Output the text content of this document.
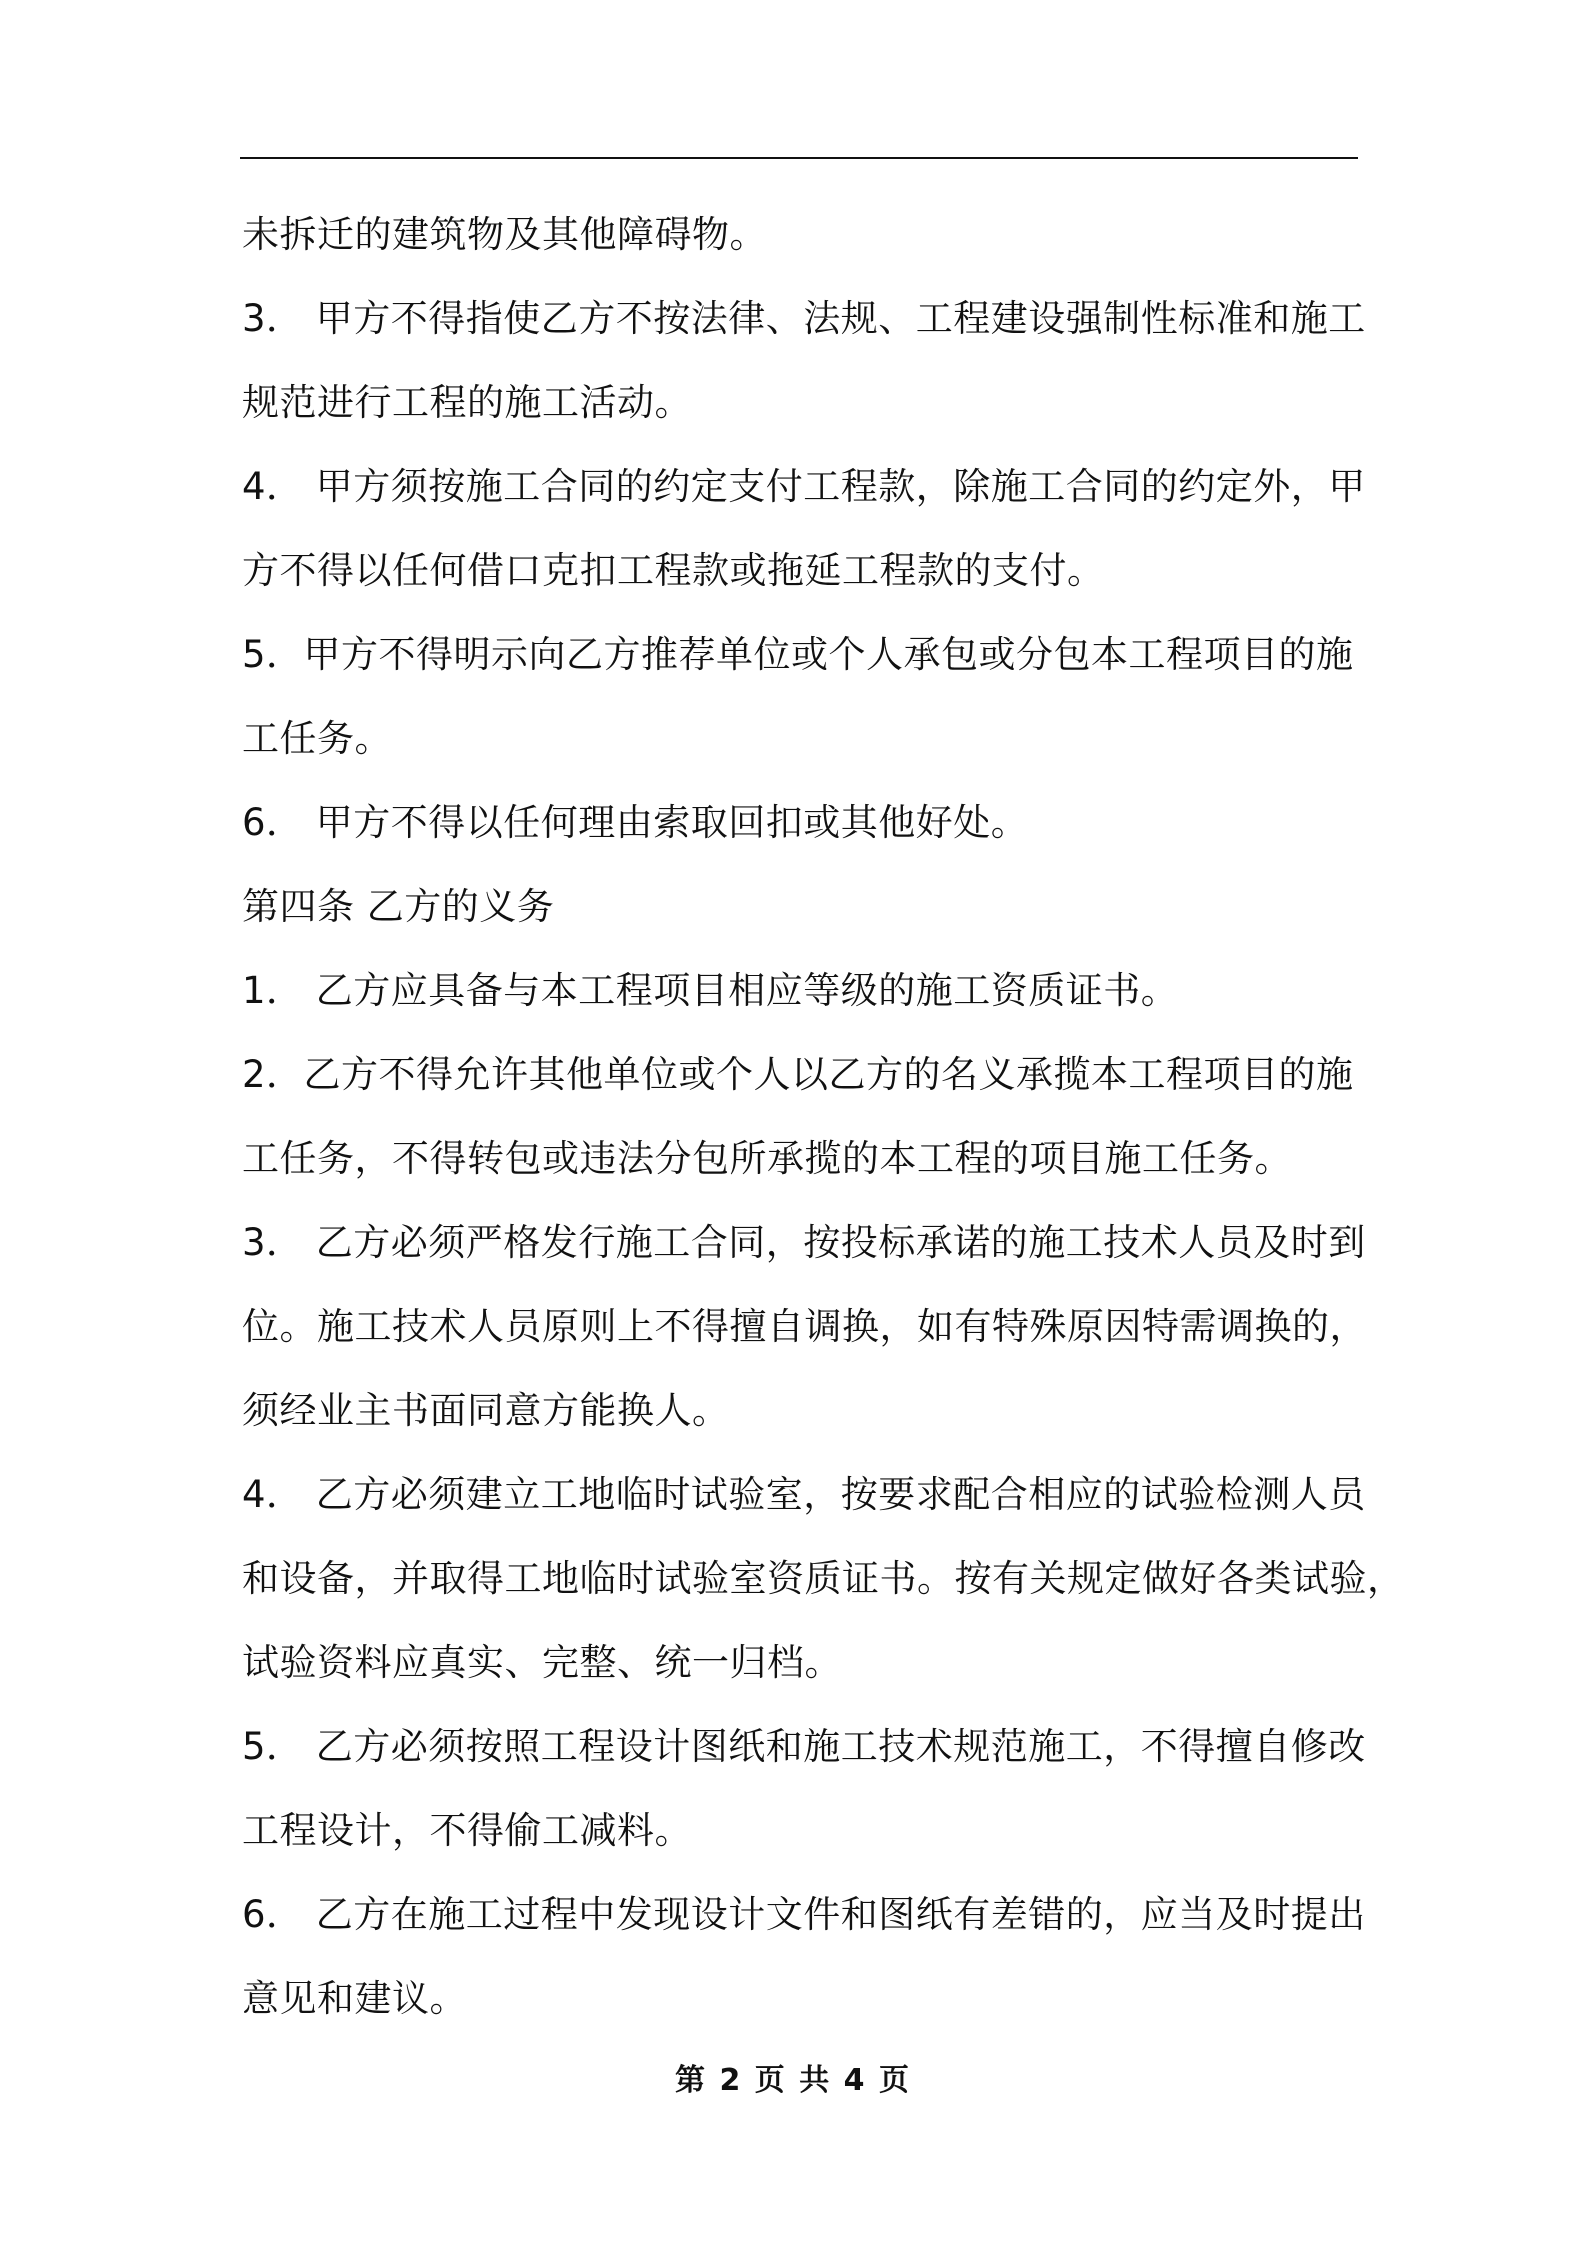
未拆迁的建筑物及其他障碍物。
3． 甲方不得指使乙方不按法律、法规、工程建设强制性标准和施工
规范进行工程的施工活动。
4． 甲方须按施工合同的约定支付工程款，除施工合同的约定外，甲
方不得以任何借口克扣工程款或拖延工程款的支付。
5．甲方不得明示向乙方推荐单位或个人承包或分包本工程项目的施
工任务。
6． 甲方不得以任何理由索取回扣或其他好处。
第四条 乙方的义务
1． 乙方应具备与本工程项目相应等级的施工资质证书。
2．乙方不得允许其他单位或个人以乙方的名义承揽本工程项目的施
工任务，不得转包或违法分包所承揽的本工程的项目施工任务。
3． 乙方必须严格发行施工合同，按投标承诺的施工技术人员及时到
位。施工技术人员原则上不得擅自调换，如有特殊原因特需调换的，
须经业主书面同意方能换人。
4． 乙方必须建立工地临时试验室，按要求配合相应的试验检测人员
和设备，并取得工地临时试验室资质证书。按有关规定做好各类试验，
试验资料应真实、完整、统一归档。
5． 乙方必须按照工程设计图纸和施工技术规范施工，不得擅自修改
工程设计，不得偷工减料。
6． 乙方在施工过程中发现设计文件和图纸有差错的，应当及时提出
意见和建议。
第 2 页 共 4 页
